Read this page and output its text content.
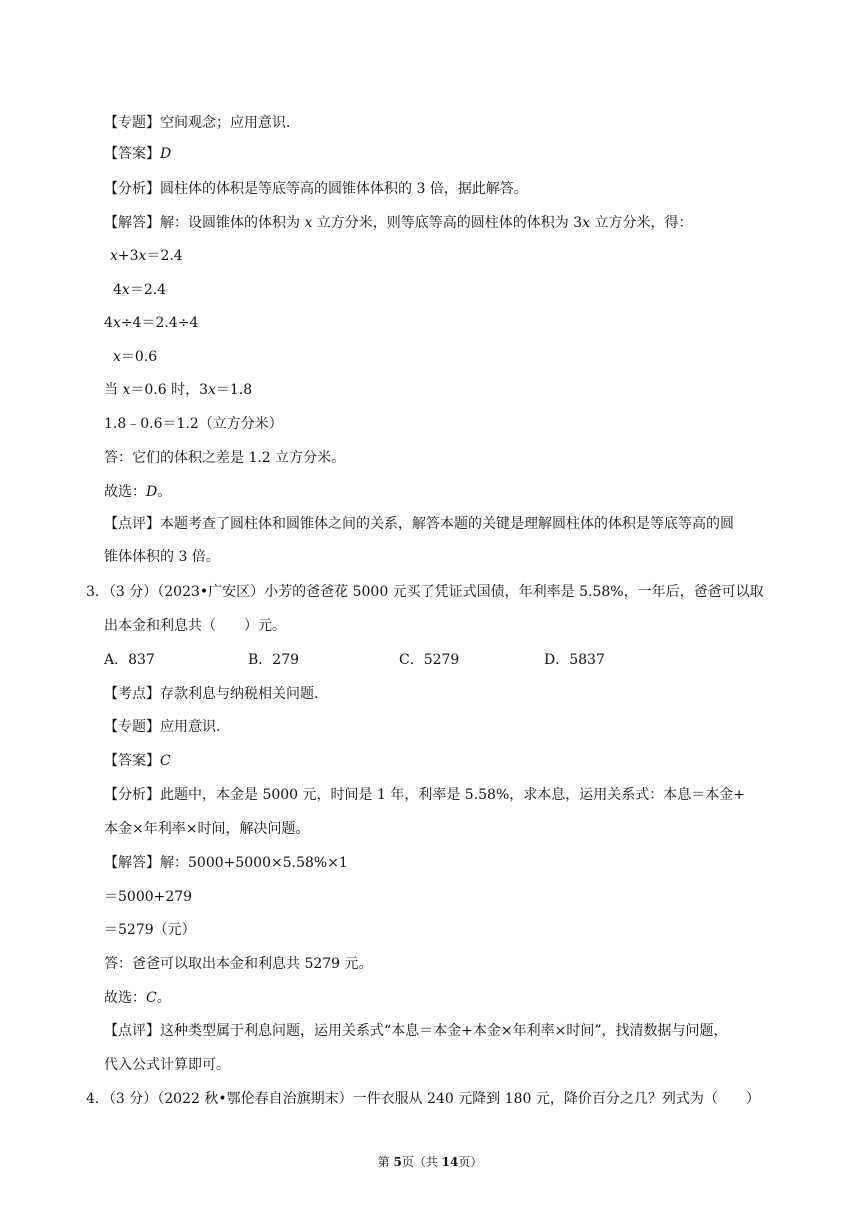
【专题】空间观念；应用意识．
【答案】D
【分析】圆柱体的体积是等底等高的圆锥体体积的 3 倍，据此解答。
【解答】解：设圆锥体的体积为 x 立方分米，则等底等高的圆柱体的体积为 3x 立方分米，得：
x+3x＝2.4
4x＝2.4
4x÷4＝2.4÷4
x＝0.6
当 x＝0.6 时，3x＝1.8
1.8﹣0.6＝1.2（立方分米）
答：它们的体积之差是 1.2 立方分米。
故选：D。
【点评】本题考查了圆柱体和圆锥体之间的关系，解答本题的关键是理解圆柱体的体积是等底等高的圆
锥体体积的 3 倍。
3．（3 分）（2023•广安区）小芳的爸爸花 5000 元买了凭证式国债，年利率是 5.58%，一年后，爸爸可以取
出本金和利息共（　　）元。
A．837	B．279	C．5279	D．5837
【考点】存款利息与纳税相关问题．
【专题】应用意识．
【答案】C
【分析】此题中，本金是 5000 元，时间是 1 年，利率是 5.58%，求本息，运用关系式：本息＝本金+
本金×年利率×时间，解决问题。
【解答】解：5000+5000×5.58%×1
＝5000+279
＝5279（元）
答：爸爸可以取出本金和利息共 5279 元。
故选：C。
【点评】这种类型属于利息问题，运用关系式“本息＝本金+本金×年利率×时间”，找清数据与问题，
代入公式计算即可。
4．（3 分）（2022 秋•鄂伦春自治旗期末）一件衣服从 240 元降到 180 元，降价百分之几？列式为（　　）
第 5页（共 14页）
